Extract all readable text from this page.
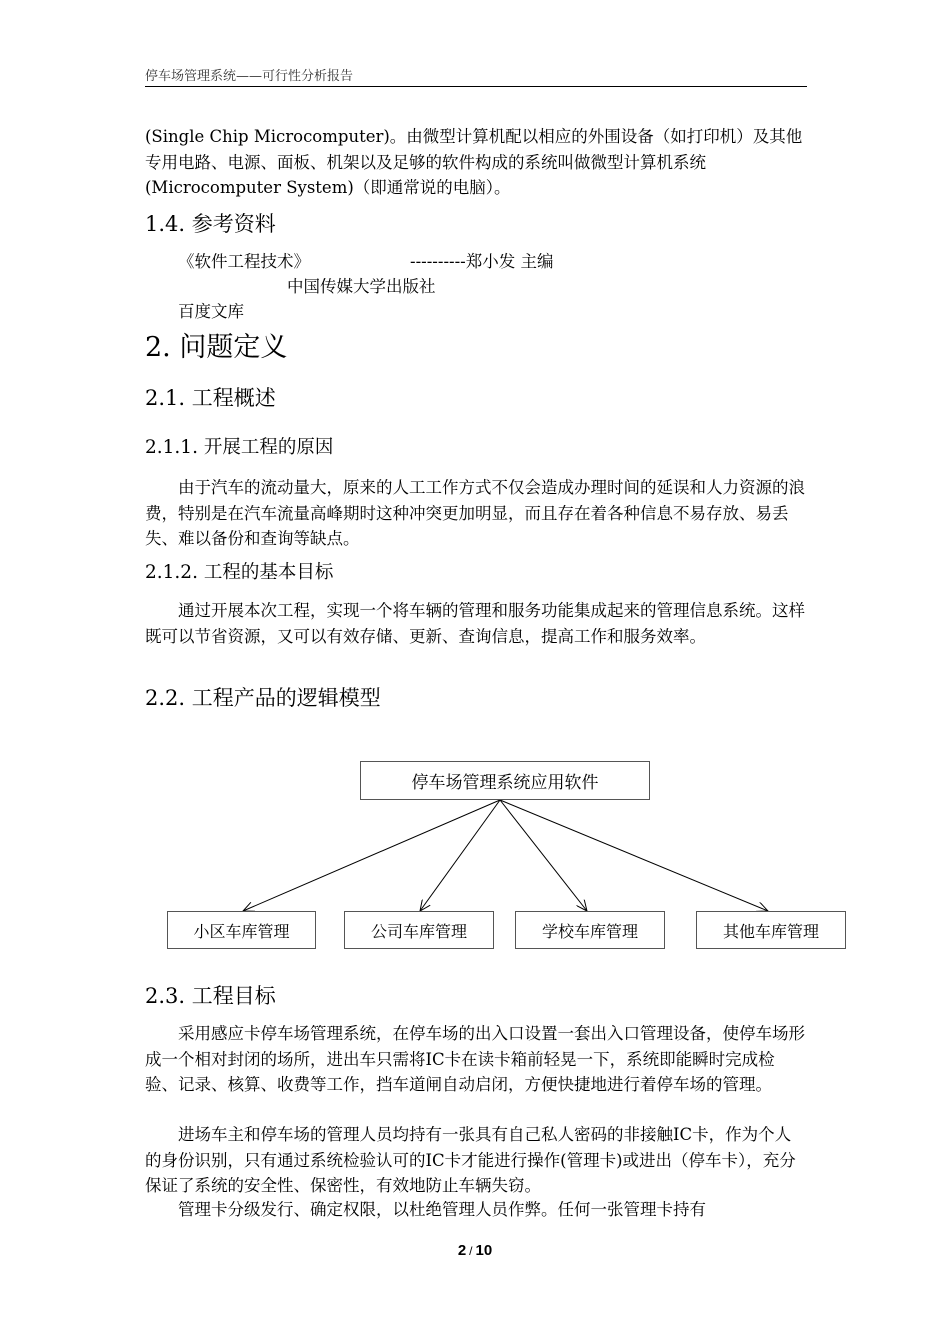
停车场管理系统——可行性分析报告
(Single Chip Microcomputer)。由微型计算机配以相应的外围设备（如打印机）及其他专用电路、电源、面板、机架以及足够的软件构成的系统叫做微型计算机系统(Microcomputer System)（即通常说的电脑）。
1.4. 参考资料
《软件工程技术》	----------郑小发 主编
中国传媒大学出版社
百度文库
2. 问题定义
2.1. 工程概述
2.1.1. 开展工程的原因
由于汽车的流动量大，原来的人工工作方式不仅会造成办理时间的延误和人力资源的浪费，特别是在汽车流量高峰期时这种冲突更加明显，而且存在着各种信息不易存放、易丢失、难以备份和查询等缺点。
2.1.2. 工程的基本目标
通过开展本次工程，实现一个将车辆的管理和服务功能集成起来的管理信息系统。这样既可以节省资源，又可以有效存储、更新、查询信息，提高工作和服务效率。
2.2. 工程产品的逻辑模型
停车场管理系统应用软件
小区车库管理	公司车库管理	学校车库管理	其他车库管理
2.3. 工程目标
采用感应卡停车场管理系统，在停车场的出入口设置一套出入口管理设备，使停车场形成一个相对封闭的场所，进出车只需将IC卡在读卡箱前轻晃一下，系统即能瞬时完成检验、记录、核算、收费等工作，挡车道闸自动启闭，方便快捷地进行着停车场的管理。
进场车主和停车场的管理人员均持有一张具有自己私人密码的非接触IC卡，作为个人的身份识别，只有通过系统检验认可的IC卡才能进行操作(管理卡)或进出（停车卡），充分保证了系统的安全性、保密性，有效地防止车辆失窃。
管理卡分级发行、确定权限，以杜绝管理人员作弊。任何一张管理卡持有
2 / 10
